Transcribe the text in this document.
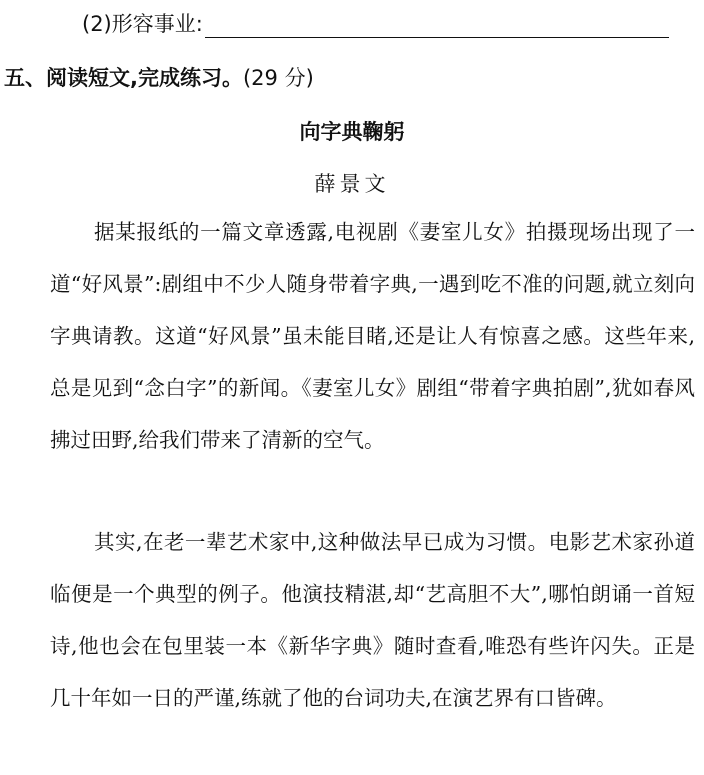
(2)形容事业:
五、阅读短文,完成练习。(29 分)
向字典鞠躬
薛景文

据某报纸的一篇文章透露,电视剧《妻室儿女》拍摄现场出现了一道“好风景”:剧组中不少人随身带着字典,一遇到吃不准的问题,就立刻向字典请教。这道“好风景”虽未能目睹,还是让人有惊喜之感。这些年来,总是见到“念白字”的新闻。《妻室儿女》剧组“带着字典拍剧”,犹如春风拂过田野,给我们带来了清新的空气。

其实,在老一辈艺术家中,这种做法早已成为习惯。电影艺术家孙道临便是一个典型的例子。他演技精湛,却“艺高胆不大”,哪怕朗诵一首短诗,他也会在包里装一本《新华字典》随时查看,唯恐有些许闪失。正是几十年如一日的严谨,练就了他的台词功夫,在演艺界有口皆碑。
